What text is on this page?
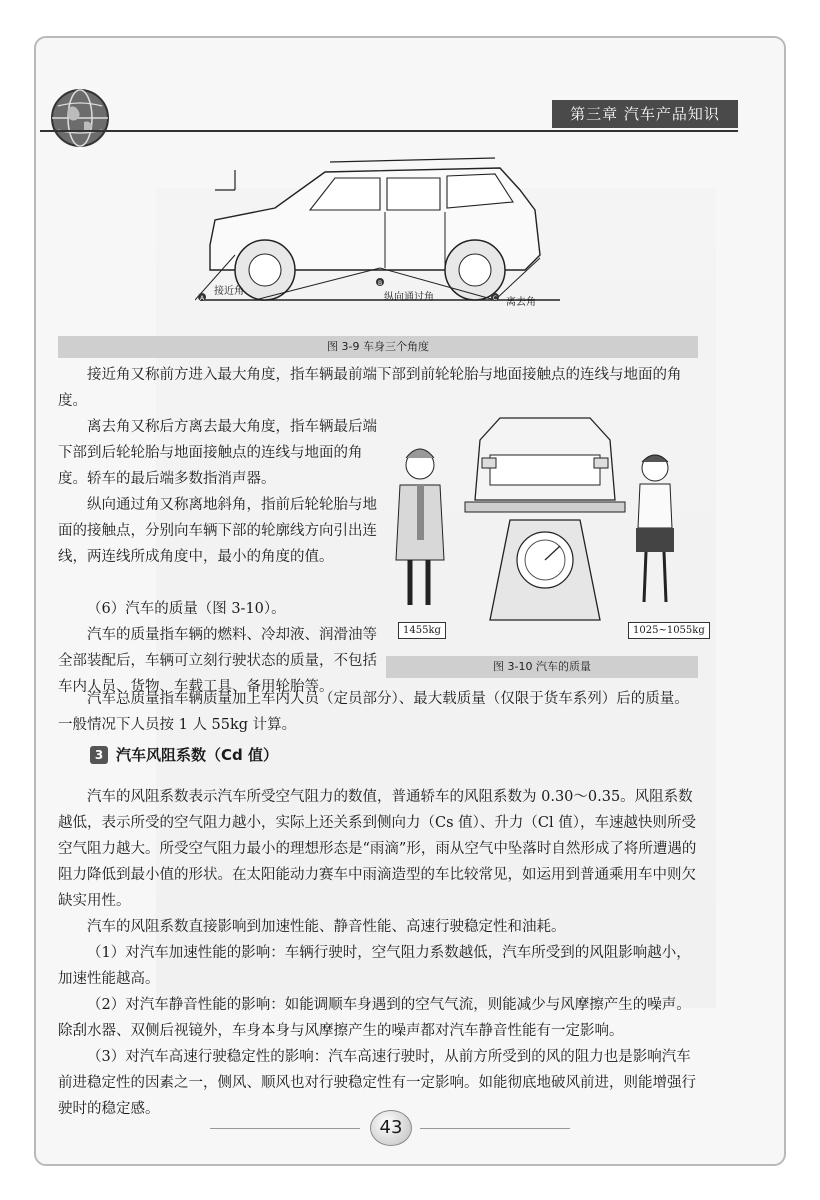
第三章 汽车产品知识
A
B
C
接近角
纵向通过角	离去角
图 3-9 车身三个角度

接近角又称前方进入最大角度，指车辆最前端下部到前轮轮胎与地面接触点的连线与地面的角度。

离去角又称后方离去最大角度，指车辆最后端下部到后轮轮胎与地面接触点的连线与地面的角度。轿车的最后端多数指消声器。

纵向通过角又称离地斜角，指前后轮轮胎与地面的接触点，分别向车辆下部的轮廓线方向引出连线，两连线所成角度中，最小的角度的值。

（6）汽车的质量（图 3-10）。

汽车的质量指车辆的燃料、冷却液、润滑油等全部装配后，车辆可立刻行驶状态的质量，不包括车内人员、货物、车载工具、备用轮胎等。

1455kg	1025~1055kg
图 3-10 汽车的质量

汽车总质量指车辆质量加上车内人员（定员部分）、最大载质量（仅限于货车系列）后的质量。一般情况下人员按 1 人 55kg 计算。

3 汽车风阻系数（Cd 值）

汽车的风阻系数表示汽车所受空气阻力的数值，普通轿车的风阻系数为 0.30～0.35。风阻系数越低，表示所受的空气阻力越小，实际上还关系到侧向力（Cs 值）、升力（Cl 值），车速越快则所受空气阻力越大。所受空气阻力最小的理想形态是“雨滴”形，雨从空气中坠落时自然形成了将所遭遇的阻力降低到最小值的形状。在太阳能动力赛车中雨滴造型的车比较常见，如运用到普通乘用车中则欠缺实用性。

汽车的风阻系数直接影响到加速性能、静音性能、高速行驶稳定性和油耗。

（1）对汽车加速性能的影响：车辆行驶时，空气阻力系数越低，汽车所受到的风阻影响越小，加速性能越高。

（2）对汽车静音性能的影响：如能调顺车身遇到的空气气流，则能减少与风摩擦产生的噪声。除刮水器、双侧后视镜外，车身本身与风摩擦产生的噪声都对汽车静音性能有一定影响。

（3）对汽车高速行驶稳定性的影响：汽车高速行驶时，从前方所受到的风的阻力也是影响汽车前进稳定性的因素之一，侧风、顺风也对行驶稳定性有一定影响。如能彻底地破风前进，则能增强行驶时的稳定感。

43
